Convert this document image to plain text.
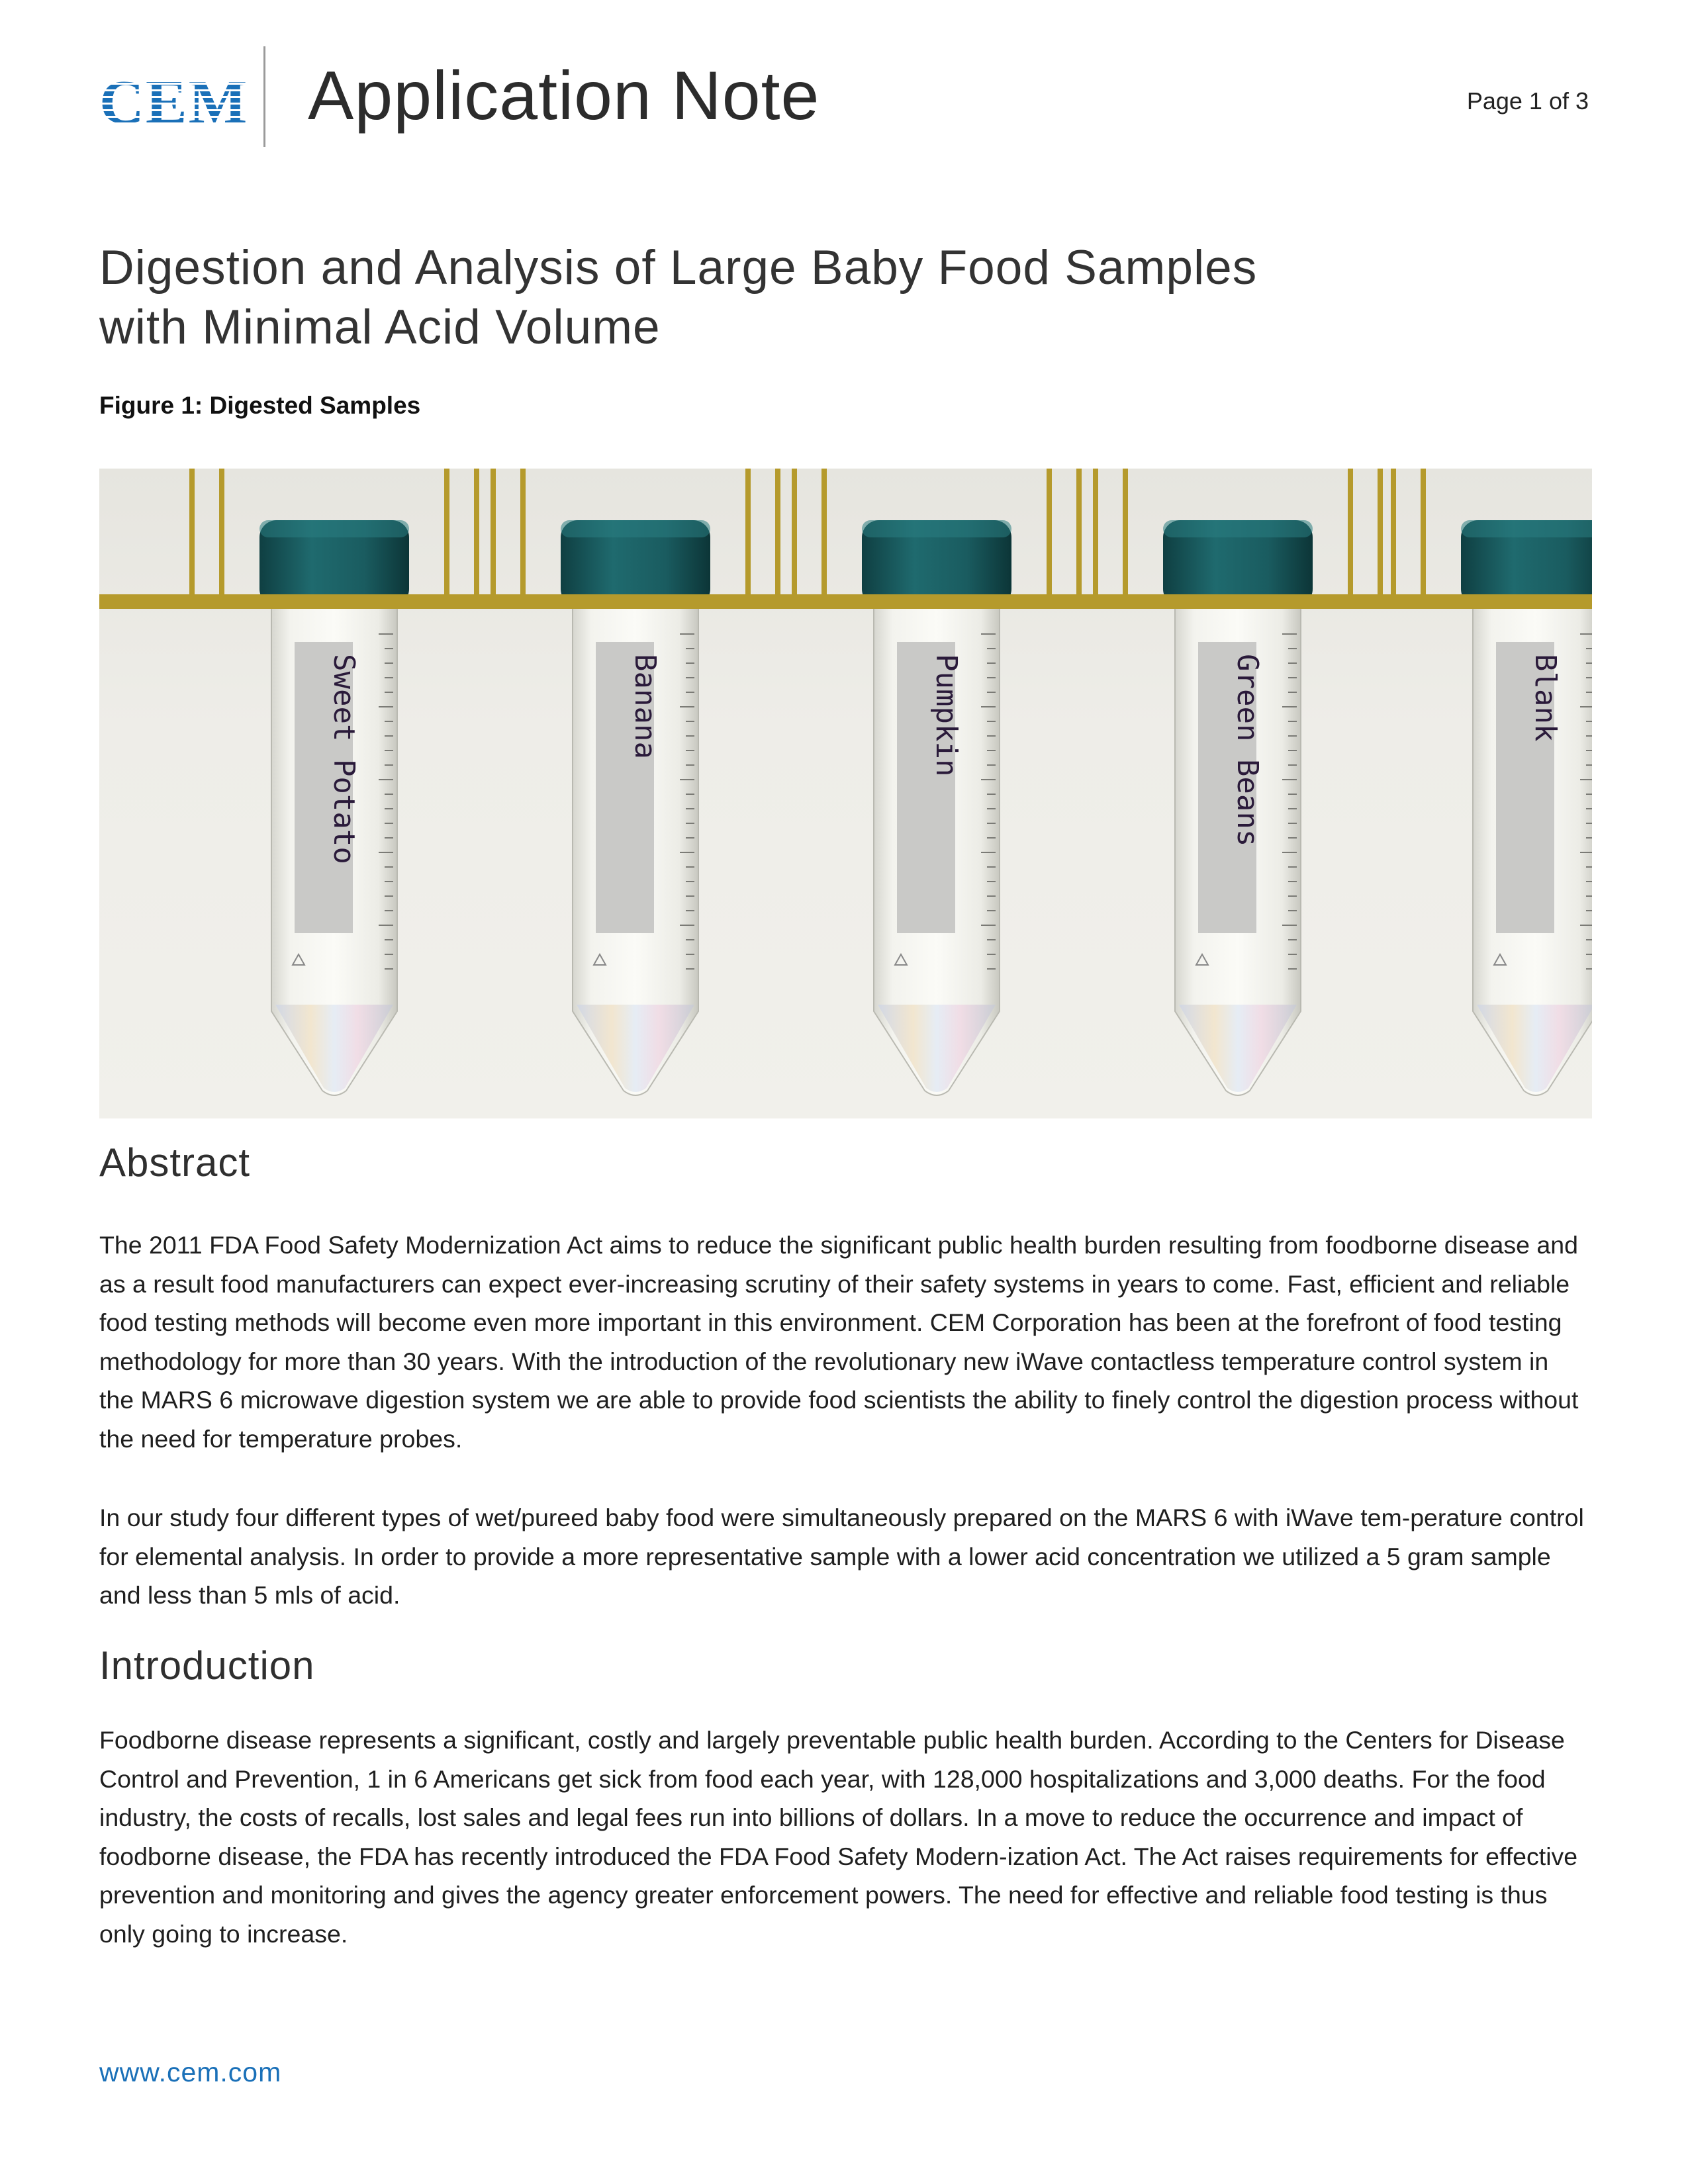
CEM Application Note	Page 1 of 3
Digestion and Analysis of Large Baby Food Samples
with Minimal Acid Volume
Figure 1: Digested Samples
Sweet Potato	Banana	Pumpkin	Green Beans	Blank
Abstract

The 2011 FDA Food Safety Modernization Act aims to reduce the significant public health burden resulting from foodborne disease and as a result food manufacturers can expect ever-increasing scrutiny of their safety systems in years to come. Fast, efficient and reliable food testing methods will become even more important in this environment. CEM Corporation has been at the forefront of food testing methodology for more than 30 years. With the introduction of the revolutionary new iWave contactless temperature control system in the MARS 6 microwave digestion system we are able to provide food scientists the ability to finely control the digestion process without the need for temperature probes.

In our study four different types of wet/pureed baby food were simultaneously prepared on the MARS 6 with iWave tem-perature control for elemental analysis. In order to provide a more representative sample with a lower acid concentration we utilized a 5 gram sample and less than 5 mls of acid.

Introduction

Foodborne disease represents a significant, costly and largely preventable public health burden. According to the Centers for Disease Control and Prevention, 1 in 6 Americans get sick from food each year, with 128,000 hospitalizations and 3,000 deaths. For the food industry, the costs of recalls, lost sales and legal fees run into billions of dollars. In a move to reduce the occurrence and impact of foodborne disease, the FDA has recently introduced the FDA Food Safety Modern-ization Act. The Act raises requirements for effective prevention and monitoring and gives the agency greater enforcement powers. The need for effective and reliable food testing is thus only going to increase.

www.cem.com
